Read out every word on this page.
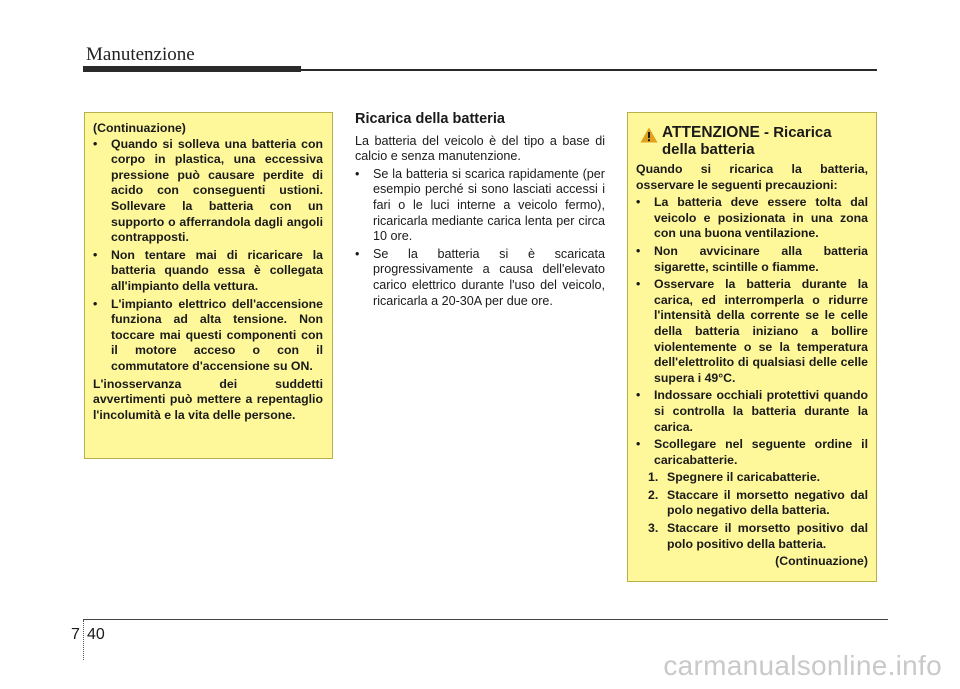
Manutenzione
(Continuazione)
• Quando si solleva una batteria con corpo in plastica, una eccessiva pressione può causare perdite di acido con conseguenti ustioni. Sollevare la batteria con un supporto o afferrandola dagli angoli contrapposti.
• Non tentare mai di ricaricare la batteria quando essa è collegata all'impianto della vettura.
• L'impianto elettrico dell'accensione funziona ad alta tensione. Non toccare mai questi componenti con il motore acceso o con il commutatore d'accensione su ON.
L'inosservanza dei suddetti avvertimenti può mettere a repentaglio l'incolumità e la vita delle persone.
Ricarica della batteria

La batteria del veicolo è del tipo a base di calcio e senza manutenzione.

• Se la batteria si scarica rapidamente (per esempio perché si sono lasciati accessi i fari o le luci interne a veicolo fermo), ricaricarla mediante carica lenta per circa 10 ore.
• Se la batteria si è scaricata progressivamente a causa dell'elevato carico elettrico durante l'uso del veicolo, ricaricarla a 20-30A per due ore.
ATTENZIONE - Ricarica della batteria
Quando si ricarica la batteria, osservare le seguenti precauzioni:
• La batteria deve essere tolta dal veicolo e posizionata in una zona con una buona ventilazione.
• Non avvicinare alla batteria sigarette, scintille o fiamme.
• Osservare la batteria durante la carica, ed interromperla o ridurre l'intensità della corrente se le celle della batteria iniziano a bollire violentemente o se la temperatura dell'elettrolito di qualsiasi delle celle supera i 49°C.
• Indossare occhiali protettivi quando si controlla la batteria durante la carica.
• Scollegare nel seguente ordine il caricabatterie.
1. Spegnere il caricabatterie.
2. Staccare il morsetto negativo dal polo negativo della batteria.
3. Staccare il morsetto positivo dal polo positivo della batteria.
(Continuazione)
7 40
carmanualsonline.info
